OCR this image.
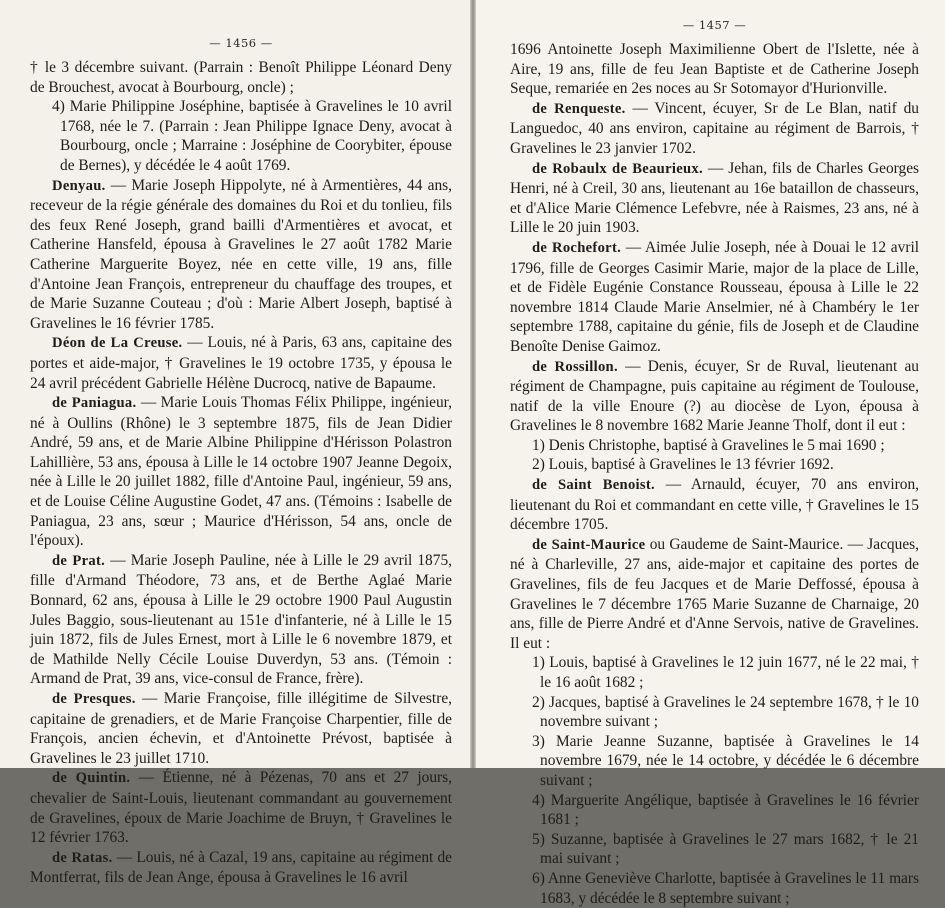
— 1456 —

† le 3 décembre suivant. (Parrain : Benoît Philippe Léonard Deny de Brouchest, avocat à Bourbourg, oncle) ;

4) Marie Philippine Joséphine, baptisée à Gravelines le 10 avril 1768, née le 7. (Parrain : Jean Philippe Ignace Deny, avocat à Bourbourg, oncle ; Marraine : Joséphine de Coorybiter, épouse de Bernes), y décédée le 4 août 1769.

Denyau. — Marie Joseph Hippolyte, né à Armentières, 44 ans, receveur de la régie générale des domaines du Roi et du tonlieu, fils des feux René Joseph, grand bailli d'Armentières et avocat, et Catherine Hansfeld, épousa à Gravelines le 27 août 1782 Marie Catherine Marguerite Boyez, née en cette ville, 19 ans, fille d'Antoine Jean François, entrepreneur du chauffage des troupes, et de Marie Suzanne Couteau ; d'où : Marie Albert Joseph, baptisé à Gravelines le 16 février 1785.

Déon de La Creuse. — Louis, né à Paris, 63 ans, capitaine des portes et aide-major, † Gravelines le 19 octobre 1735, y épousa le 24 avril précédent Gabrielle Hélène Ducrocq, native de Bapaume.

de Paniagua. — Marie Louis Thomas Félix Philippe, ingénieur, né à Oullins (Rhône) le 3 septembre 1875, fils de Jean Didier André, 59 ans, et de Marie Albine Philippine d'Hérisson Polastron Lahillière, 53 ans, épousa à Lille le 14 octobre 1907 Jeanne Degoix, née à Lille le 20 juillet 1882, fille d'Antoine Paul, ingénieur, 59 ans, et de Louise Céline Augustine Godet, 47 ans. (Témoins : Isabelle de Paniagua, 23 ans, sœur ; Maurice d'Hérisson, 54 ans, oncle de l'époux).

de Prat. — Marie Joseph Pauline, née à Lille le 29 avril 1875, fille d'Armand Théodore, 73 ans, et de Berthe Aglaé Marie Bonnard, 62 ans, épousa à Lille le 29 octobre 1900 Paul Augustin Jules Baggio, sous-lieutenant au 151e d'infanterie, né à Lille le 15 juin 1872, fils de Jules Ernest, mort à Lille le 6 novembre 1879, et de Mathilde Nelly Cécile Louise Duverdyn, 53 ans. (Témoin : Armand de Prat, 39 ans, vice-consul de France, frère).

de Presques. — Marie Françoise, fille illégitime de Silvestre, capitaine de grenadiers, et de Marie Françoise Charpentier, fille de François, ancien échevin, et d'Antoinette Prévost, baptisée à Gravelines le 23 juillet 1710.

de Quintin. — Étienne, né à Pézenas, 70 ans et 27 jours, chevalier de Saint-Louis, lieutenant commandant au gouvernement de Gravelines, époux de Marie Joachime de Bruyn, † Gravelines le 12 février 1763.

de Ratas. — Louis, né à Cazal, 19 ans, capitaine au régiment de Montferrat, fils de Jean Ange, épousa à Gravelines le 16 avril

— 1457 —

1696 Antoinette Joseph Maximilienne Obert de l'Islette, née à Aire, 19 ans, fille de feu Jean Baptiste et de Catherine Joseph Seque, remariée en 2es noces au Sr Sotomayor d'Hurionville.

de Renqueste. — Vincent, écuyer, Sr de Le Blan, natif du Languedoc, 40 ans environ, capitaine au régiment de Barrois, † Gravelines le 23 janvier 1702.

de Robaulx de Beaurieux. — Jehan, fils de Charles Georges Henri, né à Creil, 30 ans, lieutenant au 16e bataillon de chasseurs, et d'Alice Marie Clémence Lefebvre, née à Raismes, 23 ans, né à Lille le 20 juin 1903.

de Rochefort. — Aimée Julie Joseph, née à Douai le 12 avril 1796, fille de Georges Casimir Marie, major de la place de Lille, et de Fidèle Eugénie Constance Rousseau, épousa à Lille le 22 novembre 1814 Claude Marie Anselmier, né à Chambéry le 1er septembre 1788, capitaine du génie, fils de Joseph et de Claudine Benoîte Denise Gaimoz.

de Rossillon. — Denis, écuyer, Sr de Ruval, lieutenant au régiment de Champagne, puis capitaine au régiment de Toulouse, natif de la ville Enoure (?) au diocèse de Lyon, épousa à Gravelines le 8 novembre 1682 Marie Jeanne Tholf, dont il eut :

1) Denis Christophe, baptisé à Gravelines le 5 mai 1690 ;

2) Louis, baptisé à Gravelines le 13 février 1692.

de Saint Benoist. — Arnauld, écuyer, 70 ans environ, lieutenant du Roi et commandant en cette ville, † Gravelines le 15 décembre 1705.

de Saint-Maurice ou Gaudeme de Saint-Maurice. — Jacques, né à Charleville, 27 ans, aide-major et capitaine des portes de Gravelines, fils de feu Jacques et de Marie Deffossé, épousa à Gravelines le 7 décembre 1765 Marie Suzanne de Charnaige, 20 ans, fille de Pierre André et d'Anne Servois, native de Gravelines. Il eut :

1) Louis, baptisé à Gravelines le 12 juin 1677, né le 22 mai, † le 16 août 1682 ;

2) Jacques, baptisé à Gravelines le 24 septembre 1678, † le 10 novembre suivant ;

3) Marie Jeanne Suzanne, baptisée à Gravelines le 14 novembre 1679, née le 14 octobre, y décédée le 6 décembre suivant ;

4) Marguerite Angélique, baptisée à Gravelines le 16 février 1681 ;

5) Suzanne, baptisée à Gravelines le 27 mars 1682, † le 21 mai suivant ;

6) Anne Geneviève Charlotte, baptisée à Gravelines le 11 mars 1683, y décédée le 8 septembre suivant ;
